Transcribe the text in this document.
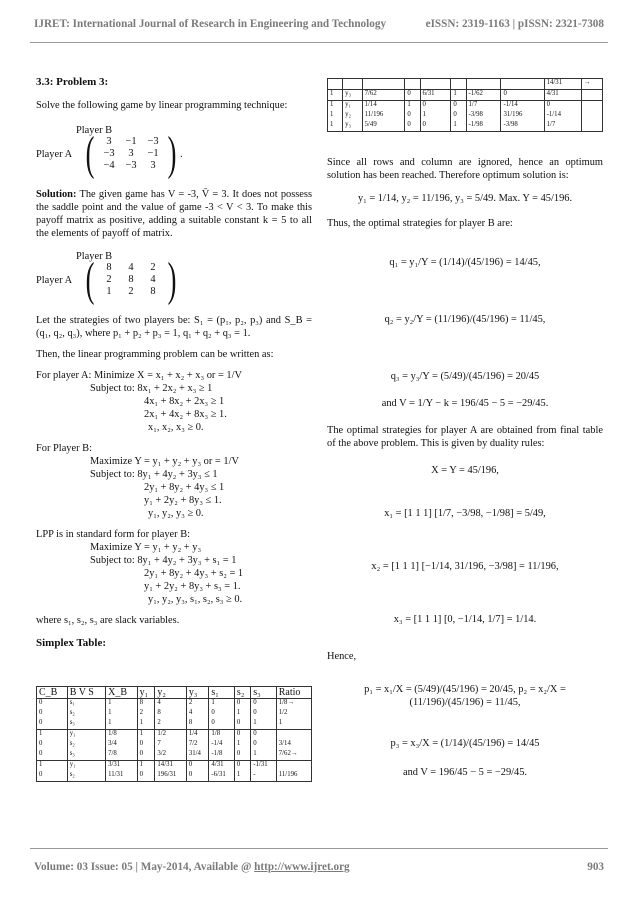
IJRET: International Journal of Research in Engineering and Technology	eISSN: 2319-1163 | pISSN: 2321-7308
3.3: Problem 3:
Solve the following game by linear programming technique:
Player B
Player A (	3	−1	−3
−3	3	−1
−4	−3	3 ) .
Solution: The given game has V = -3, V̄ = 3. It does not possess the saddle point and the value of game -3 < V < 3. To make this payoff matrix as positive, adding a suitable constant k = 5 to all the elements of payoff of matrix.
Player B
Player A (	8	4	2
2	8	4
1	2	8 )
Let the strategies of two players be: S₁ = (p₁, p₂, p₃) and S_B = (q₁, q₂, q₃), where p₁ + p₂ + p₃ = 1, q₁ + q₂ + q₃ = 1.
Then, the linear programming problem can be written as:
For player A: Minimize X = x₁ + x₂ + x₃ or = 1/V
Subject to: 8x₁ + 2x₂ + x₃ ≥ 1
4x₁ + 8x₂ + 2x₃ ≥ 1
2x₁ + 4x₂ + 8x₃ ≥ 1.
x₁, x₂, x₃ ≥ 0.
For Player B:
Maximize Y = y₁ + y₂ + y₃ or = 1/V
Subject to: 8y₁ + 4y₂ + 3y₃ ≤ 1
2y₁ + 8y₂ + 4y₃ ≤ 1
y₁ + 2y₂ + 8y₃ ≤ 1.
y₁, y₂, y₃ ≥ 0.
LPP is in standard form for player B:
Maximize Y = y₁ + y₂ + y₃
Subject to: 8y₁ + 4y₂ + 3y₃ + s₁ = 1
2y₁ + 8y₂ + 4y₃ + s₂ = 1
y₁ + 2y₂ + 8y₃ + s₃ = 1.
y₁, y₂, y₃, s₁, s₂, s₃ ≥ 0.
where s₁, s₂, s₃ are slack variables.
Simplex Table:
C_B	B V S	X_B	y₁	y₂	y₃	s₁	s₂	s₃	Ratio
0	s₁	1	8	4	2	1	0	0	1/8→
0	s₂	1	2	8	4	0	1	0	1/2
0	s₃	1	1	2	8	0	0	1	1
1	y₁	1/8	1	1/2	1/4	1/8	0	0	
0	s₂	3/4	0	7	7/2	-1/4	1	0	3/14
0	s₃	7/8	0	3/2	31/4	-1/8	0	1	7/62→
1	y₁	3/31	1	14/31	0	4/31	0	-1/31	
0	s₂	11/31	0	196/31	0	-6/31	1	-	11/196
								14/31	→
1	y₃	7/62	0	6/31	1	-1/62	0	4/31	
1	y₁	1/14	1	0	0	1/7	-1/14	0	
1	y₂	11/196	0	1	0	-3/98	31/196	-1/14	
1	y₃	5/49	0	0	1	-1/98	-3/98	1/7	
Since all rows and column are ignored, hence an optimum solution has been reached. Therefore optimum solution is:
y₁ = 1/14, y₂ = 11/196, y₃ = 5/49. Max. Y = 45/196.
Thus, the optimal strategies for player B are:
q₁ = y₁/Y = (1/14)/(45/196) = 14/45,
q₂ = y₂/Y = (11/196)/(45/196) = 11/45,
q₃ = y₃/Y = (5/49)/(45/196) = 20/45
and V = 1/Y − k = 196/45 − 5 = −29/45.
The optimal strategies for player A are obtained from final table of the above problem. This is given by duality rules:
X = Y = 45/196,
x₁ = [1 1 1] [1/7, −3/98, −1/98] = 5/49,
x₂ = [1 1 1] [−1/14, 31/196, −3/98] = 11/196,
x₃ = [1 1 1] [0, −1/14, 1/7] = 1/14.
Hence,
p₁ = x₁/X = (5/49)/(45/196) = 20/45, p₂ = x₂/X = (11/196)/(45/196) = 11/45,
p₃ = x₃/X = (1/14)/(45/196) = 14/45
and V = 196/45 − 5 = −29/45.
Volume: 03 Issue: 05 | May-2014, Available @ http://www.ijret.org	903
